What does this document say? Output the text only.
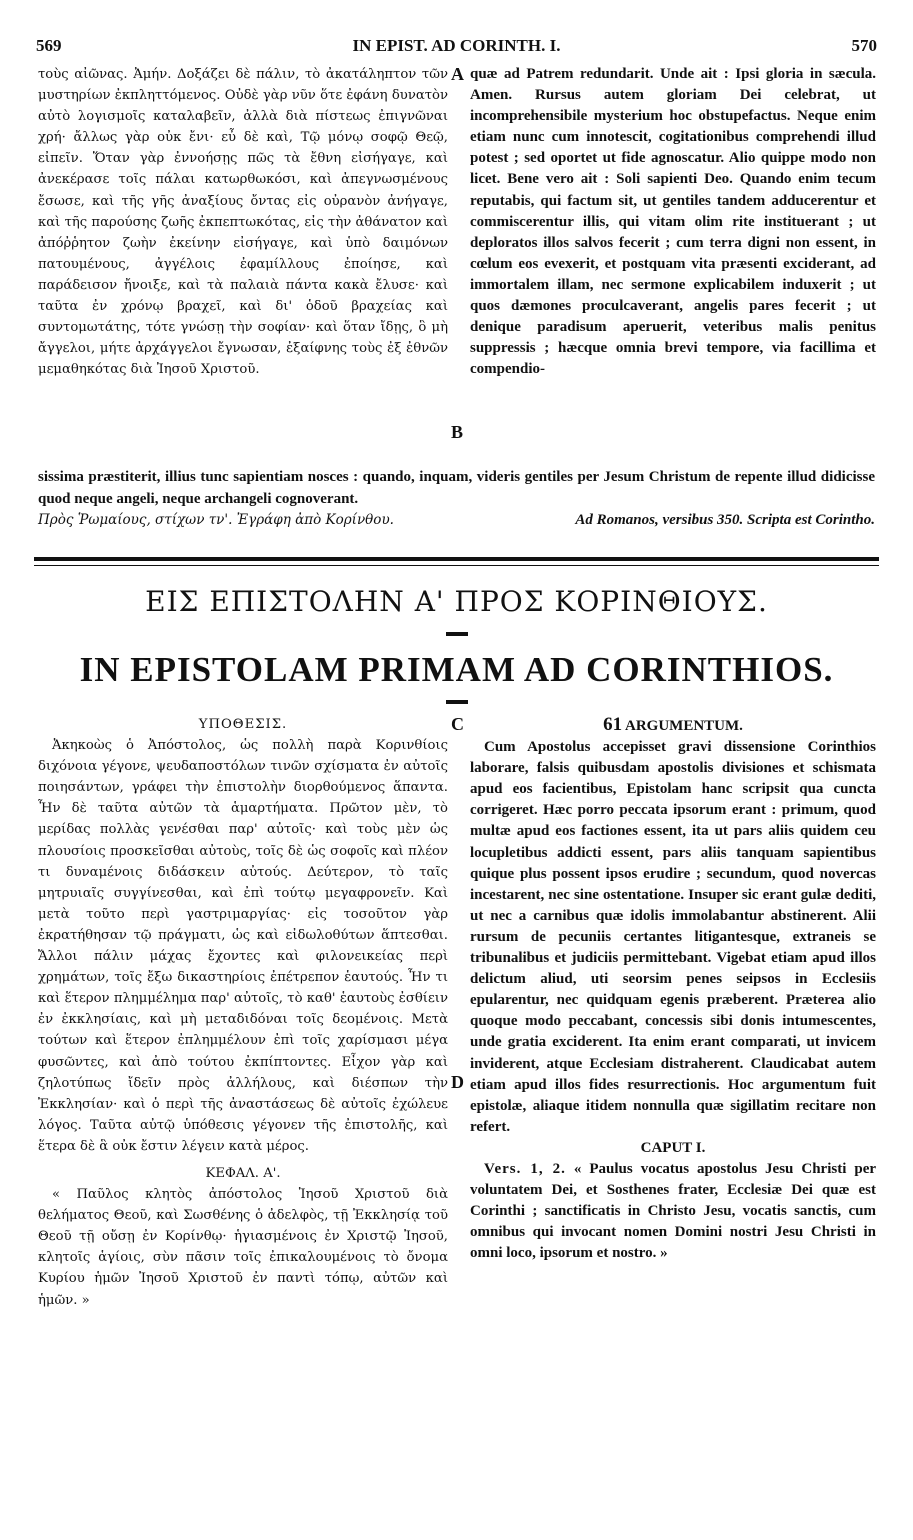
569	IN EPIST. AD CORINTH. I.	570

τοὺς αἰῶνας. Ἀμήν. Δοξάζει δὲ πάλιν, τὸ ἀκατάληπτον τῶν μυστηρίων ἐκπληττόμενος. Οὐδὲ γὰρ νῦν ὅτε ἐφάνη δυνατὸν αὐτὸ λογισμοῖς καταλαβεῖν, ἀλλὰ διὰ πίστεως ἐπιγνῶναι χρή· ἄλλως γὰρ οὐκ ἔνι· εὖ δὲ καὶ, Τῷ μόνῳ σοφῷ Θεῷ, εἰπεῖν. Ὅταν γὰρ ἐννοήσῃς πῶς τὰ ἔθνη εἰσήγαγε, καὶ ἀνεκέρασε τοῖς πάλαι κατωρθωκόσι, καὶ ἀπεγνωσμένους ἔσωσε, καὶ τῆς γῆς ἀναξίους ὄντας εἰς οὐρανὸν ἀνήγαγε, καὶ τῆς παρούσης ζωῆς ἐκπεπτωκότας, εἰς τὴν ἀθάνατον καὶ ἀπόῤῥητον ζωὴν ἐκείνην εἰσήγαγε, καὶ ὑπὸ δαιμόνων πατουμένους, ἀγγέλοις ἐφαμίλλους ἐποίησε, καὶ παράδεισον ἤνοιξε, καὶ τὰ παλαιὰ πάντα κακὰ ἔλυσε· καὶ ταῦτα ἐν χρόνῳ βραχεῖ, καὶ δι' ὁδοῦ βραχείας καὶ συντομωτάτης, τότε γνώσῃ τὴν σοφίαν· καὶ ὅταν ἴδῃς, ὃ μὴ ἄγγελοι, μήτε ἀρχάγγελοι ἔγνωσαν, ἐξαίφνης τοὺς ἐξ ἐθνῶν μεμαθηκότας διὰ Ἰησοῦ Χριστοῦ.

A
B

quæ ad Patrem redundarit. Unde ait : Ipsi gloria in sæcula. Amen. Rursus autem gloriam Dei celebrat, ut incomprehensibile mysterium hoc obstupefactus. Neque enim etiam nunc cum innotescit, cogitationibus comprehendi illud potest ; sed oportet ut fide agnoscatur. Alio quippe modo non licet. Bene vero ait : Soli sapienti Deo. Quando enim tecum reputabis, qui factum sit, ut gentiles tandem adducerentur et commiscerentur illis, qui vitam olim rite instituerant ; ut deploratos illos salvos fecerit ; cum terra digni non essent, in cœlum eos evexerit, et postquam vita præsenti exciderant, ad immortalem illam, nec sermone explicabilem induxerit ; ut quos dæmones proculcaverant, angelis pares fecerit ; ut denique paradisum aperuerit, veteribus malis penitus suppressis ; hæcque omnia brevi tempore, via facillima et compendio-

sissima præstiterit, illius tunc sapientiam nosces : quando, inquam, videris gentiles per Jesum Christum de repente illud didicisse quod neque angeli, neque archangeli cognoverant.

Πρὸς Ῥωμαίους, στίχων τν'. Ἐγράφη ἀπὸ Κορίνθου.	Ad Romanos, versibus 350. Scripta est Corintho.
ΕΙΣ ΕΠΙΣΤΟΛΗΝ Α' ΠΡΟΣ ΚΟΡΙΝΘΙΟΥΣ.
IN EPISTOLAM PRIMAM AD CORINTHIOS.

ΥΠΟΘΕΣΙΣ.

Ἀκηκοὼς ὁ Ἀπόστολος, ὡς πολλὴ παρὰ Κορινθίοις διχόνοια γέγονε, ψευδαποστόλων τινῶν σχίσματα ἐν αὐτοῖς ποιησάντων, γράφει τὴν ἐπιστολὴν διορθούμενος ἅπαντα. Ἦν δὲ ταῦτα αὐτῶν τὰ ἁμαρτήματα. Πρῶτον μὲν, τὸ μερίδας πολλὰς γενέσθαι παρ' αὐτοῖς· καὶ τοὺς μὲν ὡς πλουσίοις προσκεῖσθαι αὐτοὺς, τοῖς δὲ ὡς σοφοῖς καὶ πλέον τι δυναμένοις διδάσκειν αὐτούς. Δεύτερον, τὸ ταῖς μητρυιαῖς συγγίνεσθαι, καὶ ἐπὶ τούτῳ μεγαφρονεῖν. Καὶ μετὰ τοῦτο περὶ γαστριμαργίας· εἰς τοσοῦτον γὰρ ἐκρατήθησαν τῷ πράγματι, ὡς καὶ εἰδωλοθύτων ἅπτεσθαι. Ἄλλοι πάλιν μάχας ἔχοντες καὶ φιλονεικείας περὶ χρημάτων, τοῖς ἔξω δικαστηρίοις ἐπέτρεπον ἑαυτούς. Ἦν τι καὶ ἕτερον πλημμέλημα παρ' αὐτοῖς, τὸ καθ' ἑαυτοὺς ἐσθίειν ἐν ἐκκλησίαις, καὶ μὴ μεταδιδόναι τοῖς δεομένοις. Μετὰ τούτων καὶ ἕτερον ἐπλημμέλουν ἐπὶ τοῖς χαρίσμασι μέγα φυσῶντες, καὶ ἀπὸ τούτου ἐκπίπτοντες. Εἶχον γὰρ καὶ ζηλοτύπως ἴδεῖν πρὸς ἀλλήλους, καὶ διέσπων τὴν Ἐκκλησίαν· καὶ ὁ περὶ τῆς ἀναστάσεως δὲ αὐτοῖς ἐχώλευε λόγος. Ταῦτα αὐτῷ ὑπόθεσις γέγονεν τῆς ἐπιστολῆς, καὶ ἕτερα δὲ ἃ οὐκ ἔστιν λέγειν κατὰ μέρος.

ΚΕΦΑΛ. Α'.

« Παῦλος κλητὸς ἀπόστολος Ἰησοῦ Χριστοῦ διὰ θελήματος Θεοῦ, καὶ Σωσθένης ὁ ἀδελφὸς, τῇ Ἐκκλησίᾳ τοῦ Θεοῦ τῇ οὔσῃ ἐν Κορίνθῳ· ἡγιασμένοις ἐν Χριστῷ Ἰησοῦ, κλητοῖς ἁγίοις, σὺν πᾶσιν τοῖς ἐπικαλουμένοις τὸ ὄνομα Κυρίου ἡμῶν Ἰησοῦ Χριστοῦ ἐν παντὶ τόπῳ, αὐτῶν καὶ ἡμῶν. »

C
D

61 ARGUMENTUM.

Cum Apostolus accepisset gravi dissensione Corinthios laborare, falsis quibusdam apostolis divisiones et schismata apud eos facientibus, Epistolam hanc scripsit qua cuncta corrigeret. Hæc porro peccata ipsorum erant : primum, quod multæ apud eos factiones essent, ita ut pars aliis quidem ceu locupletibus addicti essent, pars aliis tanquam sapientibus quique plus possent ipsos erudire ; secundum, quod novercas incestarent, nec sine ostentatione. Insuper sic erant gulæ dediti, ut nec a carnibus quæ idolis immolabantur abstinerent. Alii rursum de pecuniis certantes litigantesque, extraneis se tribunalibus et judiciis permittebant. Vigebat etiam apud illos delictum aliud, uti seorsim penes seipsos in Ecclesiis epularentur, nec quidquam egenis præberent. Præterea alio quoque modo peccabant, concessis sibi donis intumescentes, unde gratia exciderent. Ita enim erant comparati, ut invicem inviderent, atque Ecclesiam distraherent. Claudicabat autem etiam apud illos fides resurrectionis. Hoc argumentum fuit epistolæ, aliaque itidem nonnulla quæ sigillatim recitare non refert.

CAPUT I.

Vers. 1, 2. « Paulus vocatus apostolus Jesu Christi per voluntatem Dei, et Sosthenes frater, Ecclesiæ Dei quæ est Corinthi ; sanctificatis in Christo Jesu, vocatis sanctis, cum omnibus qui invocant nomen Domini nostri Jesu Christi in omni loco, ipsorum et nostro. »
